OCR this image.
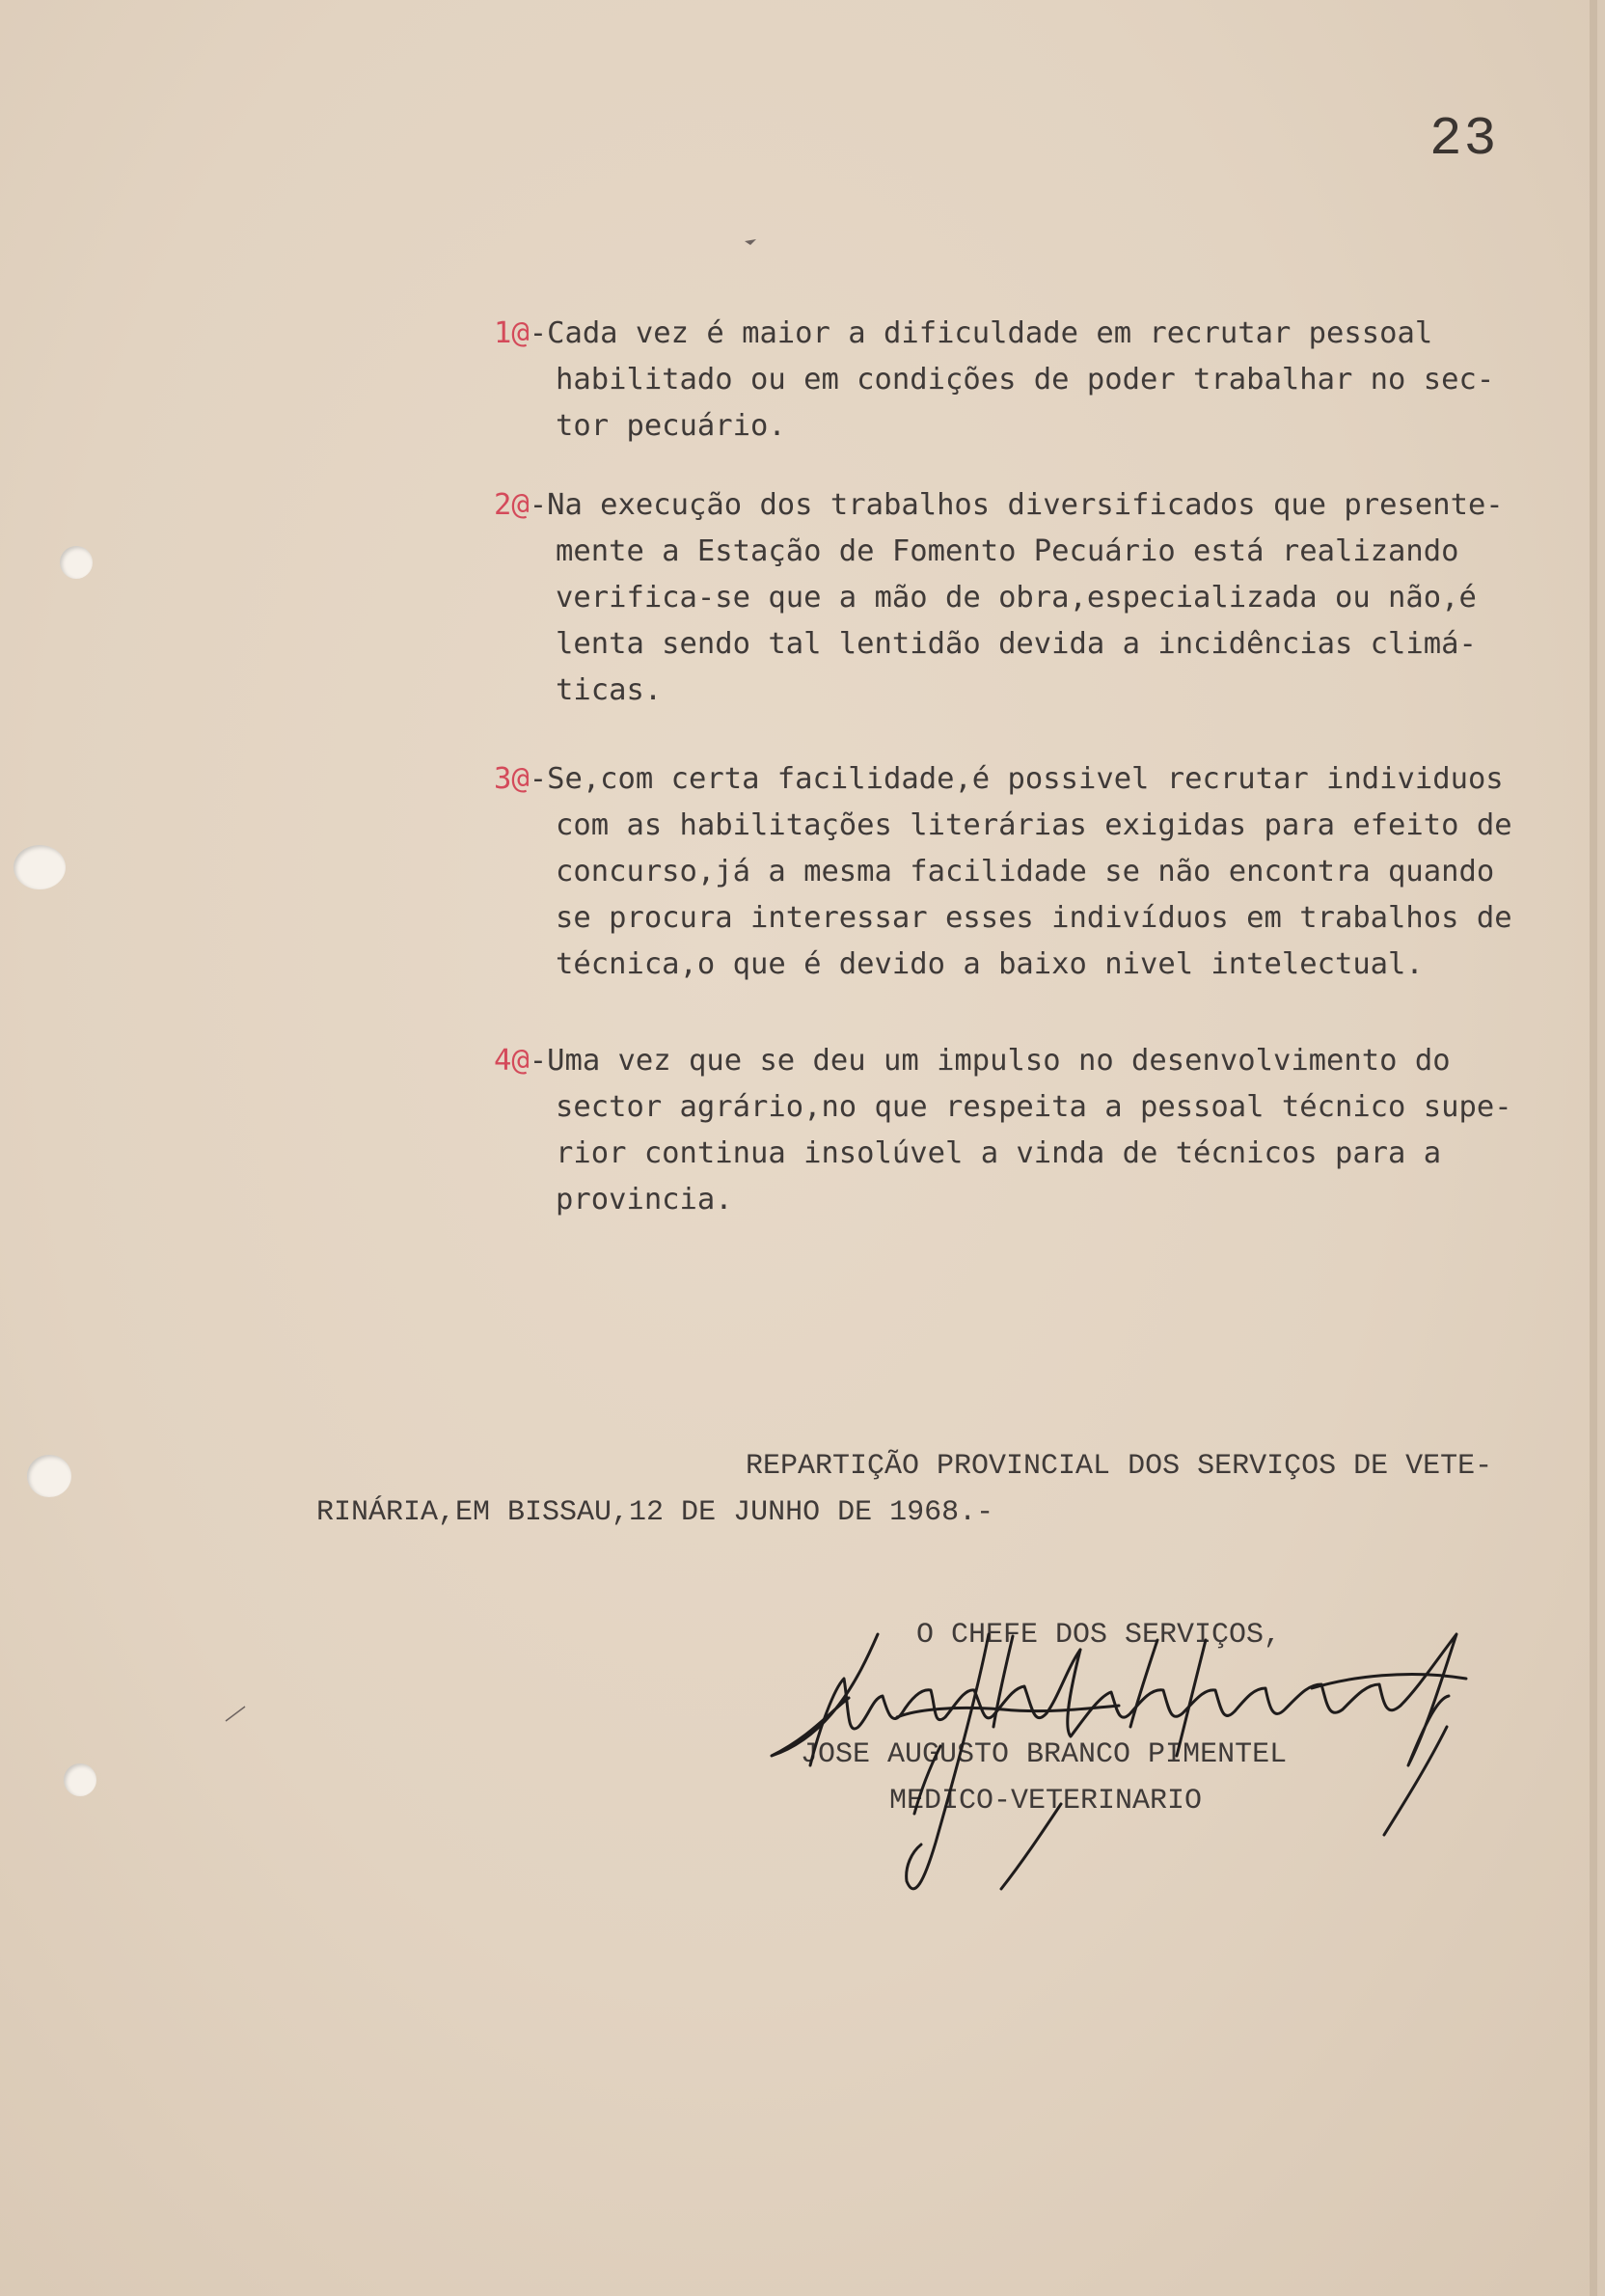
23

1@-Cada vez é maior a dificuldade em recrutar pessoal
habilitado ou em condições de poder trabalhar no sec-
tor pecuário.

2@-Na execução dos trabalhos diversificados que presente-
mente a Estação de Fomento Pecuário está realizando
verifica-se que a mão de obra,especializada ou não,é
lenta sendo tal lentidão devida a incidências climá-
ticas.

3@-Se,com certa facilidade,é possivel recrutar individuos
com as habilitações literárias exigidas para efeito de
concurso,já a mesma facilidade se não encontra quando
se procura interessar esses indivíduos em trabalhos de
técnica,o que é devido a baixo nivel intelectual.

4@-Uma vez que se deu um impulso no desenvolvimento do
sector agrário,no que respeita a pessoal técnico supe-
rior continua insolúvel a vinda de técnicos para a
provincia.

REPARTIÇÃO PROVINCIAL DOS SERVIÇOS DE VETE-
RINÁRIA,EM BISSAU,12 DE JUNHO DE 1968.-
O CHEFE DOS SERVIÇOS,
JOSE AUGUSTO BRANCO PIMENTEL
MEDICO-VETERINARIO
